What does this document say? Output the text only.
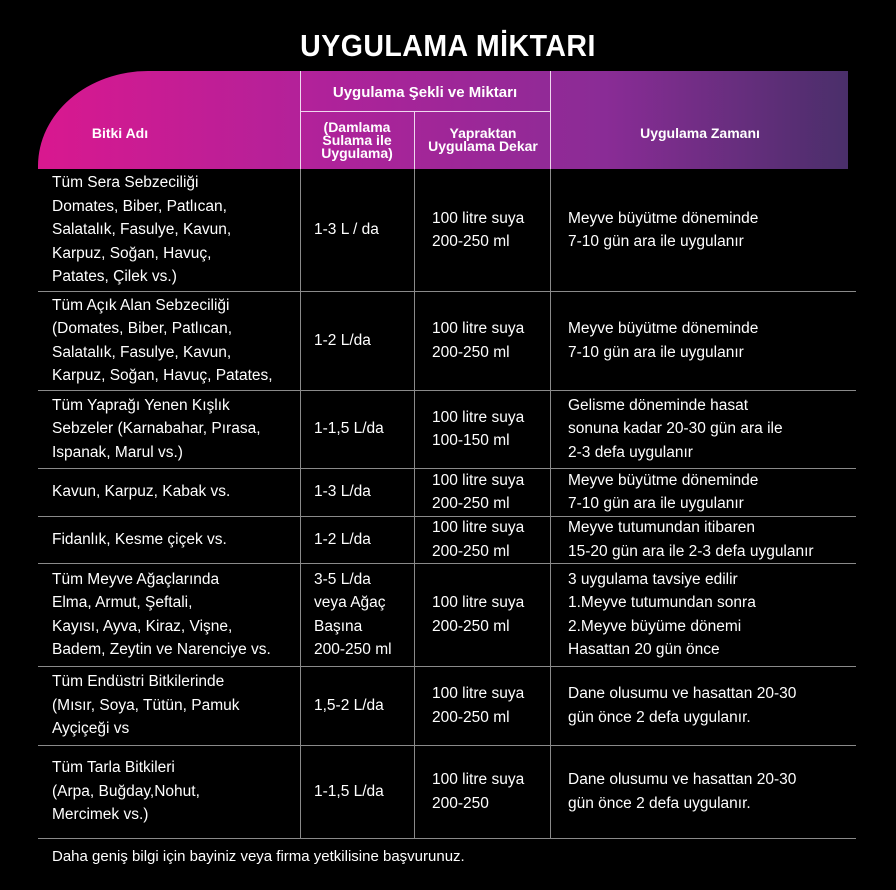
UYGULAMA MİKTARI
Bitki Adı
Uygulama Şekli ve Miktarı
(Damlama Sulama ile Uygulama)
Yapraktan Uygulama Dekar
Uygulama Zamanı
Tüm Sera Sebzeciliği
Domates, Biber, Patlıcan,
Salatalık, Fasulye, Kavun,
Karpuz, Soğan, Havuç,
Patates, Çilek vs.)
1-3 L / da
100 litre suya
200-250 ml
Meyve büyütme döneminde
7-10 gün ara ile uygulanır
Tüm Açık Alan Sebzeciliği
(Domates, Biber, Patlıcan,
Salatalık, Fasulye, Kavun,
Karpuz, Soğan, Havuç, Patates,
1-2 L/da
100 litre suya
200-250 ml
Meyve büyütme döneminde
7-10 gün ara ile uygulanır
Tüm Yaprağı Yenen Kışlık
Sebzeler (Karnabahar, Pırasa,
Ispanak, Marul vs.)
1-1,5 L/da
100 litre suya
100-150 ml
Gelisme döneminde hasat
sonuna kadar 20-30 gün ara ile
2-3 defa uygulanır
Kavun, Karpuz, Kabak vs.	1-3 L/da
100 litre suya
200-250 ml
Meyve büyütme döneminde
7-10 gün ara ile uygulanır
Fidanlık, Kesme çiçek vs.	1-2 L/da
100 litre suya
200-250 ml
Meyve tutumundan itibaren
15-20 gün ara ile 2-3 defa uygulanır
Tüm Meyve Ağaçlarında
Elma, Armut, Şeftali,
Kayısı, Ayva, Kiraz, Vişne,
Badem, Zeytin ve Narenciye vs.
3-5 L/da
veya Ağaç
Başına
200-250 ml
100 litre suya
200-250 ml
3 uygulama tavsiye edilir
1.Meyve tutumundan sonra
2.Meyve büyüme dönemi
Hasattan 20 gün önce
Tüm Endüstri Bitkilerinde
(Mısır, Soya, Tütün, Pamuk
Ayçiçeği vs
1,5-2 L/da
100 litre suya
200-250 ml
Dane olusumu ve hasattan 20-30
gün önce 2 defa uygulanır.
Tüm Tarla Bitkileri
(Arpa, Buğday,Nohut,
Mercimek vs.)
1-1,5 L/da
100 litre suya
200-250
Dane olusumu ve hasattan 20-30
gün önce 2 defa uygulanır.
Daha geniş bilgi için bayiniz veya firma yetkilisine başvurunuz.
